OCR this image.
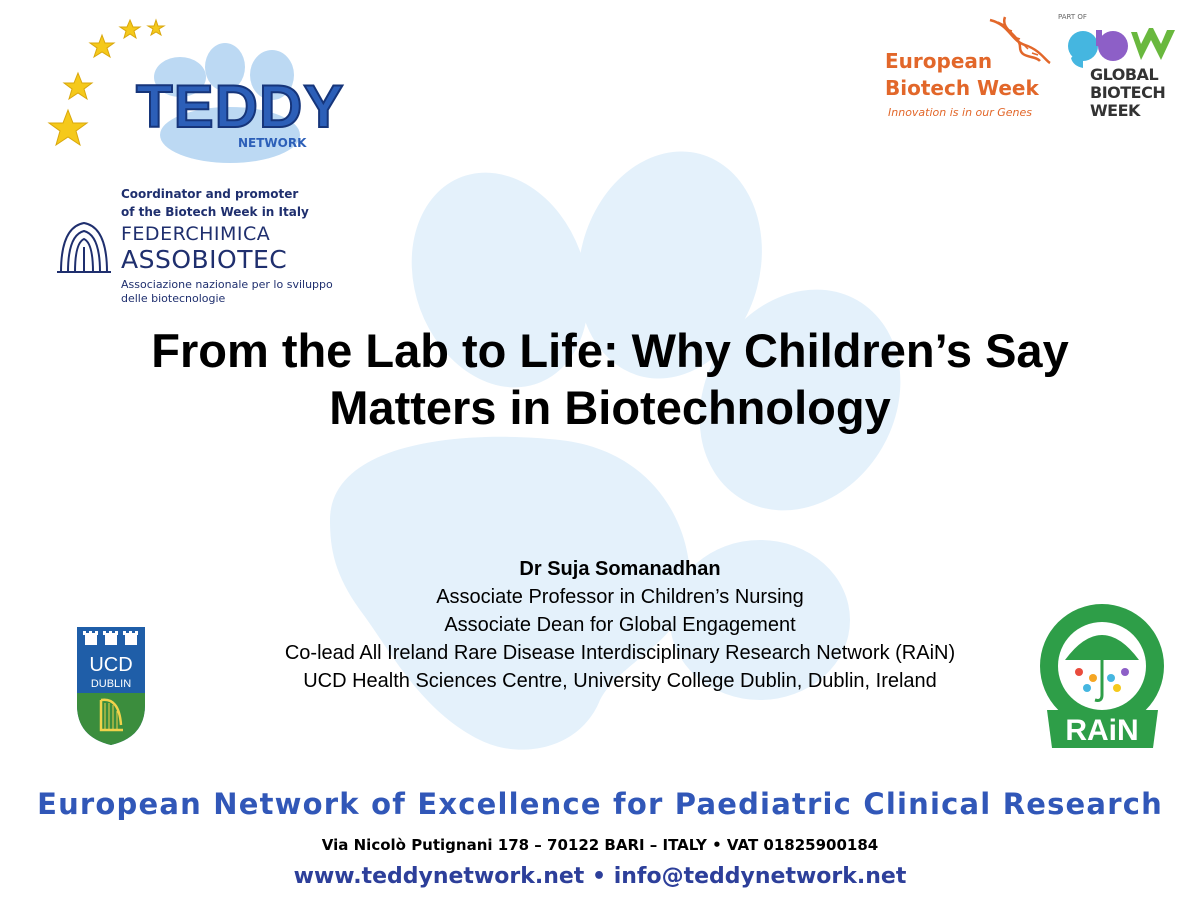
TEDDY
NETWORK
Coordinator and promoter
of the Biotech Week in Italy
FEDERCHIMICA
ASSOBIOTEC
Associazione nazionale per lo sviluppo
delle biotecnologie
European
Biotech Week
Innovation is in our Genes
PART OF
GLOBAL
BIOTECH
WEEK
From the Lab to Life: Why Children’s Say
Matters in Biotechnology
Dr Suja Somanadhan
Associate Professor in Children’s Nursing
Associate Dean for Global Engagement
Co-lead All Ireland Rare Disease Interdisciplinary Research Network (RAiN)
UCD Health Sciences Centre, University College Dublin, Dublin, Ireland
UCD
DUBLIN
RAiN
European Network of Excellence for Paediatric Clinical Research
Via Nicolò Putignani 178 – 70122 BARI – ITALY • VAT 01825900184
www.teddynetwork.net • info@teddynetwork.net
